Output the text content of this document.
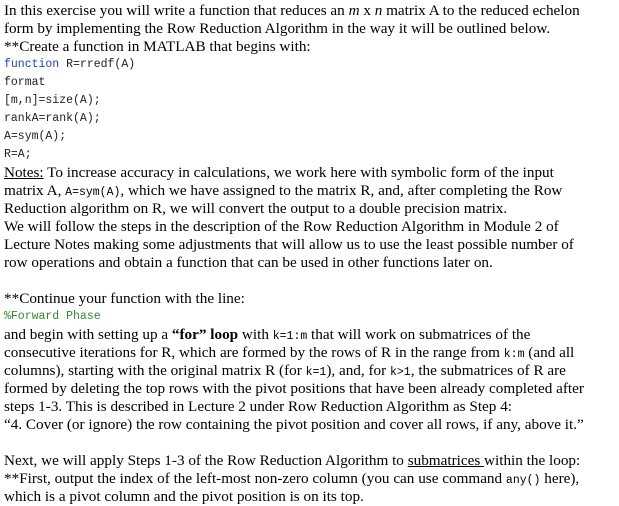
In this exercise you will write a function that reduces an m x n matrix A to the reduced echelon
form by implementing the Row Reduction Algorithm in the way it will be outlined below.
**Create a function in MATLAB that begins with:
function R=rredf(A)
format
[m,n]=size(A);
rankA=rank(A);
A=sym(A);
R=A;
Notes: To increase accuracy in calculations, we work here with symbolic form of the input
matrix A, A=sym(A), which we have assigned to the matrix R, and, after completing the Row
Reduction algorithm on R, we will convert the output to a double precision matrix.
We will follow the steps in the description of the Row Reduction Algorithm in Module 2 of
Lecture Notes making some adjustments that will allow us to use the least possible number of
row operations and obtain a function that can be used in other functions later on.
**Continue your function with the line:
%Forward Phase
and begin with setting up a “for” loop with k=1:m that will work on submatrices of the
consecutive iterations for R, which are formed by the rows of R in the range from k:m (and all
columns), starting with the original matrix R (for k=1), and, for k>1, the submatrices of R are
formed by deleting the top rows with the pivot positions that have been already completed after
steps 1-3. This is described in Lecture 2 under Row Reduction Algorithm as Step 4:
“4. Cover (or ignore) the row containing the pivot position and cover all rows, if any, above it.”
Next, we will apply Steps 1-3 of the Row Reduction Algorithm to submatrices within the loop:
**First, output the index of the left-most non-zero column (you can use command any() here),
which is a pivot column and the pivot position is on its top.
